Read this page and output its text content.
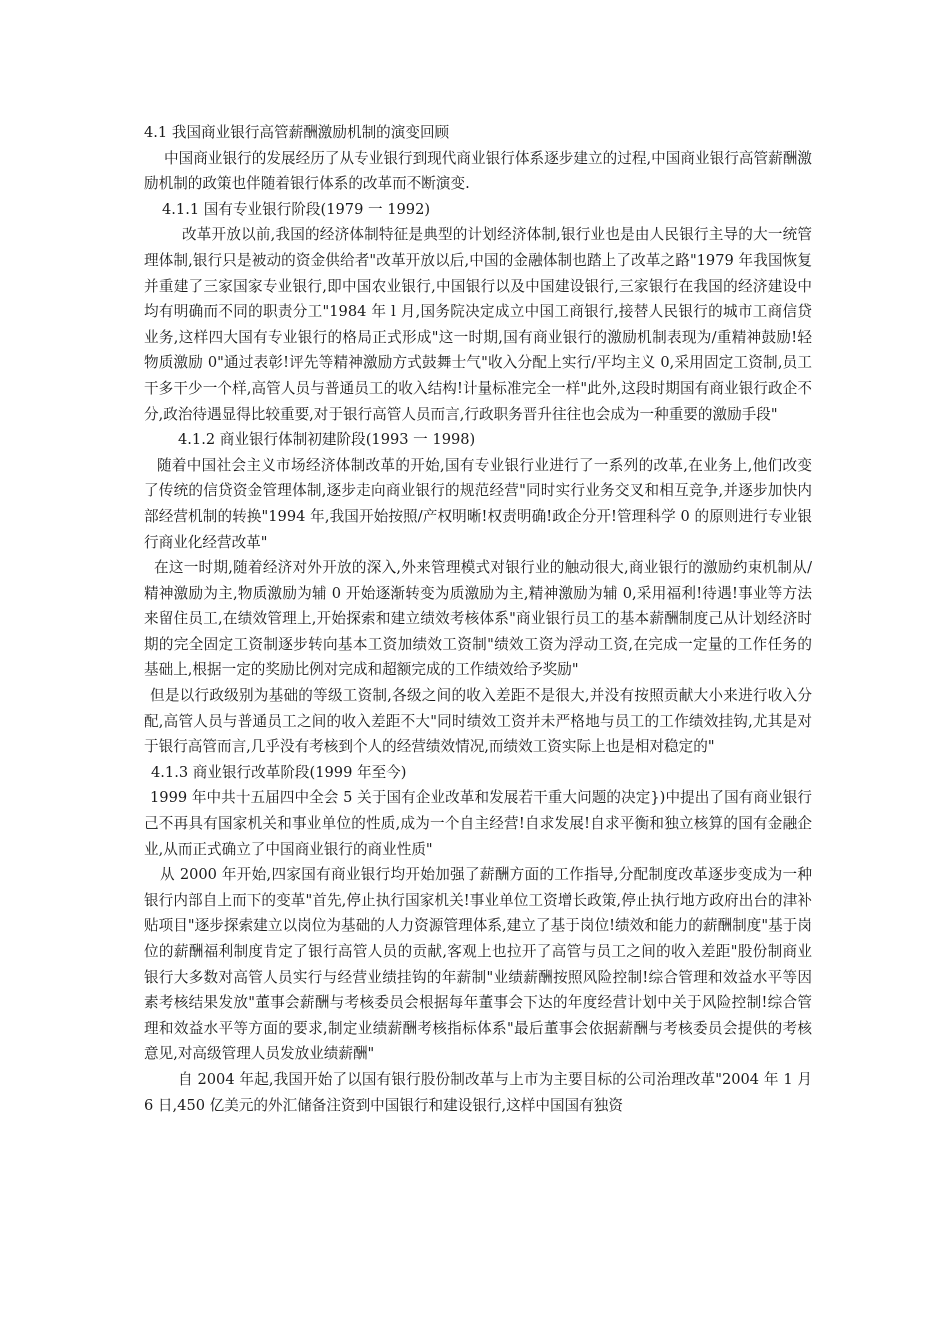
4.1 我国商业银行高管薪酬激励机制的演变回顾

中国商业银行的发展经历了从专业银行到现代商业银行体系逐步建立的过程,中国商业银行高管薪酬激励机制的政策也伴随着银行体系的改革而不断演变.

4.1.1 国有专业银行阶段(1979 一 1992)

改革开放以前,我国的经济体制特征是典型的计划经济体制,银行业也是由人民银行主导的大一统管理体制,银行只是被动的资金供给者"改革开放以后,中国的金融体制也踏上了改革之路"1979 年我国恢复并重建了三家国家专业银行,即中国农业银行,中国银行以及中国建设银行,三家银行在我国的经济建设中均有明确而不同的职责分工"1984 年 l 月,国务院决定成立中国工商银行,接替人民银行的城市工商信贷业务,这样四大国有专业银行的格局正式形成"这一时期,国有商业银行的激励机制表现为/重精神鼓励!轻物质激励 0"通过表彰!评先等精神激励方式鼓舞士气"收入分配上实行/平均主义 0,采用固定工资制,员工干多干少一个样,高管人员与普通员工的收入结构!计量标准完全一样"此外,这段时期国有商业银行政企不分,政治待遇显得比较重要,对于银行高管人员而言,行政职务晋升往往也会成为一种重要的激励手段"

4.1.2 商业银行体制初建阶段(1993 一 1998)

随着中国社会主义市场经济体制改革的开始,国有专业银行业进行了一系列的改革,在业务上,他们改变了传统的信贷资金管理体制,逐步走向商业银行的规范经营"同时实行业务交叉和相互竞争,并逐步加快内部经营机制的转换"1994 年,我国开始按照/产权明晰!权责明确!政企分开!管理科学 0 的原则进行专业银行商业化经营改革"

在这一时期,随着经济对外开放的深入,外来管理模式对银行业的触动很大,商业银行的激励约束机制从/精神激励为主,物质激励为辅 0 开始逐渐转变为质激励为主,精神激励为辅 0,采用福利!待遇!事业等方法来留住员工,在绩效管理上,开始探索和建立绩效考核体系"商业银行员工的基本薪酬制度己从计划经济时期的完全固定工资制逐步转向基本工资加绩效工资制"绩效工资为浮动工资,在完成一定量的工作任务的基础上,根据一定的奖励比例对完成和超额完成的工作绩效给予奖励"

但是以行政级别为基础的等级工资制,各级之间的收入差距不是很大,并没有按照贡献大小来进行收入分配,高管人员与普通员工之间的收入差距不大"同时绩效工资并未严格地与员工的工作绩效挂钩,尤其是对于银行高管而言,几乎没有考核到个人的经营绩效情况,而绩效工资实际上也是相对稳定的"

4.1.3 商业银行改革阶段(1999 年至今)

1999 年中共十五届四中全会 5 关于国有企业改革和发展若干重大问题的决定})中提出了国有商业银行己不再具有国家机关和事业单位的性质,成为一个自主经营!自求发展!自求平衡和独立核算的国有金融企业,从而正式确立了中国商业银行的商业性质"

从 2000 年开始,四家国有商业银行均开始加强了薪酬方面的工作指导,分配制度改革逐步变成为一种银行内部自上而下的变革"首先,停止执行国家机关!事业单位工资增长政策,停止执行地方政府出台的津补贴项目"逐步探索建立以岗位为基础的人力资源管理体系,建立了基于岗位!绩效和能力的薪酬制度"基于岗位的薪酬福利制度肯定了银行高管人员的贡献,客观上也拉开了高管与员工之间的收入差距"股份制商业银行大多数对高管人员实行与经营业绩挂钩的年薪制"业绩薪酬按照风险控制!综合管理和效益水平等因素考核结果发放"董事会薪酬与考核委员会根据每年董事会下达的年度经营计划中关于风险控制!综合管理和效益水平等方面的要求,制定业绩薪酬考核指标体系"最后董事会依据薪酬与考核委员会提供的考核意见,对高级管理人员发放业绩薪酬"

自 2004 年起,我国开始了以国有银行股份制改革与上市为主要目标的公司治理改革"2004 年 1 月 6 日,450 亿美元的外汇储备注资到中国银行和建设银行,这样中国国有独资
